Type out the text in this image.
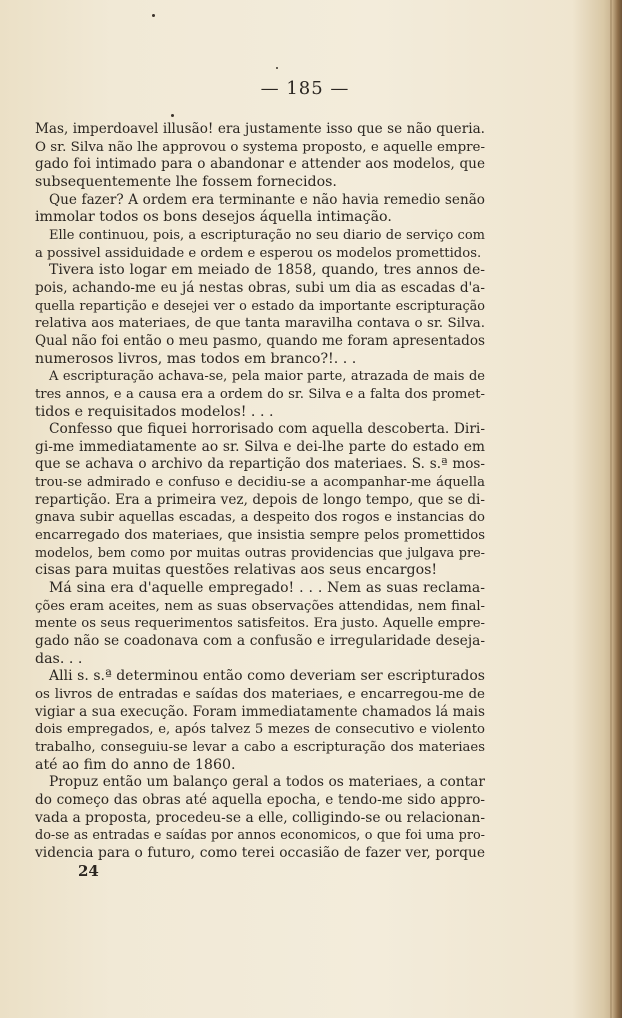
— 185 —
Mas, imperdoavel illusão! era justamente isso que se não queria.
O sr. Silva não lhe approvou o systema proposto, e aquelle empre-
gado foi intimado para o abandonar e attender aos modelos, que
subsequentemente lhe fossem fornecidos.
Que fazer? A ordem era terminante e não havia remedio senão
immolar todos os bons desejos áquella intimação.
Elle continuou, pois, a escripturação no seu diario de serviço com
a possivel assiduidade e ordem e esperou os modelos promettidos.
Tivera isto logar em meiado de 1858, quando, tres annos de-
pois, achando-me eu já nestas obras, subi um dia as escadas d'a-
quella repartição e desejei ver o estado da importante escripturação
relativa aos materiaes, de que tanta maravilha contava o sr. Silva.
Qual não foi então o meu pasmo, quando me foram apresentados
numerosos livros, mas todos em branco?!. . .
A escripturação achava-se, pela maior parte, atrazada de mais de
tres annos, e a causa era a ordem do sr. Silva e a falta dos promet-
tidos e requisitados modelos! . . .
Confesso que fiquei horrorisado com aquella descoberta. Diri-
gi-me immediatamente ao sr. Silva e dei-lhe parte do estado em
que se achava o archivo da repartição dos materiaes. S. s.ª mos-
trou-se admirado e confuso e decidiu-se a acompanhar-me áquella
repartição. Era a primeira vez, depois de longo tempo, que se di-
gnava subir aquellas escadas, a despeito dos rogos e instancias do
encarregado dos materiaes, que insistia sempre pelos promettidos
modelos, bem como por muitas outras providencias que julgava pre-
cisas para muitas questões relativas aos seus encargos!
Má sina era d'aquelle empregado! . . . Nem as suas reclama-
ções eram aceites, nem as suas observações attendidas, nem final-
mente os seus requerimentos satisfeitos. Era justo. Aquelle empre-
gado não se coadonava com a confusão e irregularidade deseja-
das. . .
Alli s. s.ª determinou então como deveriam ser escripturados
os livros de entradas e saídas dos materiaes, e encarregou-me de
vigiar a sua execução. Foram immediatamente chamados lá mais
dois empregados, e, após talvez 5 mezes de consecutivo e violento
trabalho, conseguiu-se levar a cabo a escripturação dos materiaes
até ao fim do anno de 1860.
Propuz então um balanço geral a todos os materiaes, a contar
do começo das obras até aquella epocha, e tendo-me sido appro-
vada a proposta, procedeu-se a elle, colligindo-se ou relacionan-
do-se as entradas e saídas por annos economicos, o que foi uma pro-
videncia para o futuro, como terei occasião de fazer ver, porque
24
